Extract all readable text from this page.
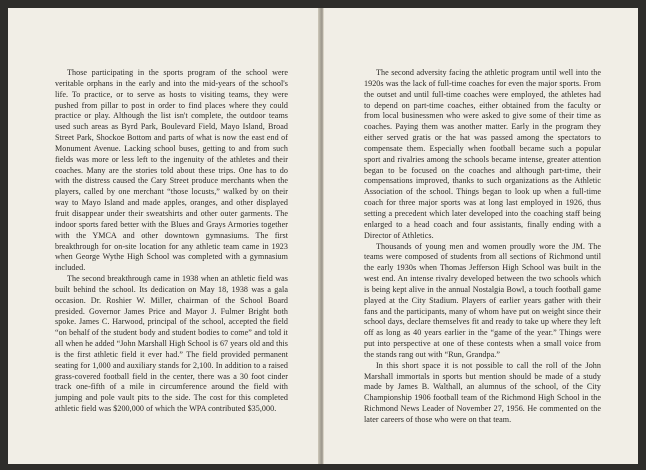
Those participating in the sports program of the school were veritable orphans in the early and into the mid-years of the school's life. To practice, or to serve as hosts to visiting teams, they were pushed from pillar to post in order to find places where they could practice or play. Although the list isn't complete, the outdoor teams used such areas as Byrd Park, Boulevard Field, Mayo Island, Broad Street Park, Shockoe Bottom and parts of what is now the east end of Monument Avenue. Lacking school buses, getting to and from such fields was more or less left to the ingenuity of the athletes and their coaches. Many are the stories told about these trips. One has to do with the distress caused the Cary Street produce merchants when the players, called by one merchant “those locusts,” walked by on their way to Mayo Island and made apples, oranges, and other displayed fruit disappear under their sweatshirts and other outer garments. The indoor sports fared better with the Blues and Grays Armories together with the YMCA and other downtown gymnasiums. The first breakthrough for on-site location for any athletic team came in 1923 when George Wythe High School was completed with a gymnasium included.

The second breakthrough came in 1938 when an athletic field was built behind the school. Its dedication on May 18, 1938 was a gala occasion. Dr. Roshier W. Miller, chairman of the School Board presided. Governor James Price and Mayor J. Fulmer Bright both spoke. James C. Harwood, principal of the school, accepted the field “on behalf of the student body and student bodies to come” and told it all when he added “John Marshall High School is 67 years old and this is the first athletic field it ever had.” The field provided permanent seating for 1,000 and auxiliary stands for 2,100. In addition to a raised grass-covered football field in the center, there was a 30 foot cinder track one-fifth of a mile in circumference around the field with jumping and pole vault pits to the side. The cost for this completed athletic field was $200,000 of which the WPA contributed $35,000.

The second adversity facing the athletic program until well into the 1920s was the lack of full-time coaches for even the major sports. From the outset and until full-time coaches were employed, the athletes had to depend on part-time coaches, either obtained from the faculty or from local businessmen who were asked to give some of their time as coaches. Paying them was another matter. Early in the program they either served gratis or the hat was passed among the spectators to compensate them. Especially when football became such a popular sport and rivalries among the schools became intense, greater attention began to be focused on the coaches and although part-time, their compensations improved, thanks to such organizations as the Athletic Association of the school. Things began to look up when a full-time coach for three major sports was at long last employed in 1926, thus setting a precedent which later developed into the coaching staff being enlarged to a head coach and four assistants, finally ending with a Director of Athletics.

Thousands of young men and women proudly wore the JM. The teams were composed of students from all sections of Richmond until the early 1930s when Thomas Jefferson High School was built in the west end. An intense rivalry developed between the two schools which is being kept alive in the annual Nostalgia Bowl, a touch football game played at the City Stadium. Players of earlier years gather with their fans and the participants, many of whom have put on weight since their school days, declare themselves fit and ready to take up where they left off as long as 40 years earlier in the “game of the year.” Things were put into perspective at one of these contests when a small voice from the stands rang out with “Run, Grandpa.”

In this short space it is not possible to call the roll of the John Marshall immortals in sports but mention should be made of a study made by James B. Walthall, an alumnus of the school, of the City Championship 1906 football team of the Richmond High School in the Richmond News Leader of November 27, 1956. He commented on the later careers of those who were on that team.
